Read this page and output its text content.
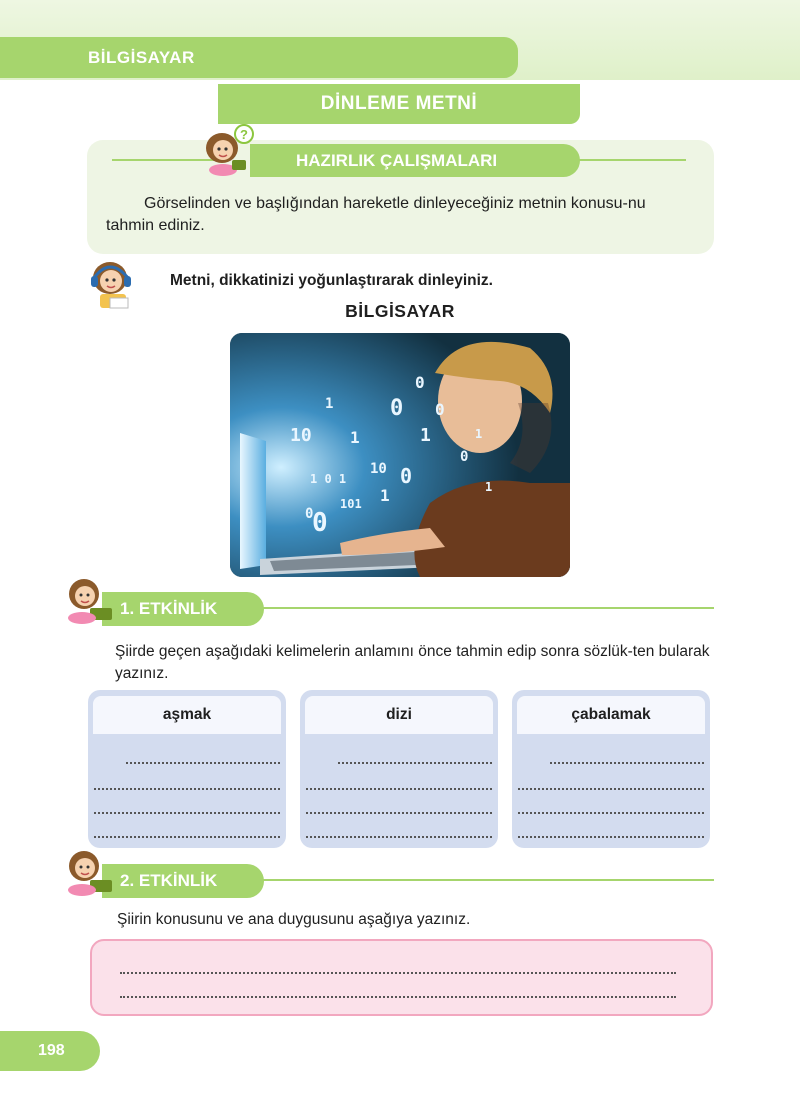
BİLGİSAYAR
DİNLEME METNİ
HAZIRLIK ÇALIŞMALARI
?
Görselinden ve başlığından hareketle dinleyeceğiniz metnin konusu-nu tahmin ediniz.
Metni, dikkatinizi yoğunlaştırarak dinleyiniz.
BİLGİSAYAR
10
1
1
0
1
0
10
1 0 1	0
0
0
101 1
0
1
0
1
1. ETKİNLİK
Şiirde geçen aşağıdaki kelimelerin anlamını önce tahmin edip sonra sözlük-ten bularak yazınız.
aşmak	dizi	çabalamak
2. ETKİNLİK
Şiirin konusunu ve ana duygusunu aşağıya yazınız.
198
